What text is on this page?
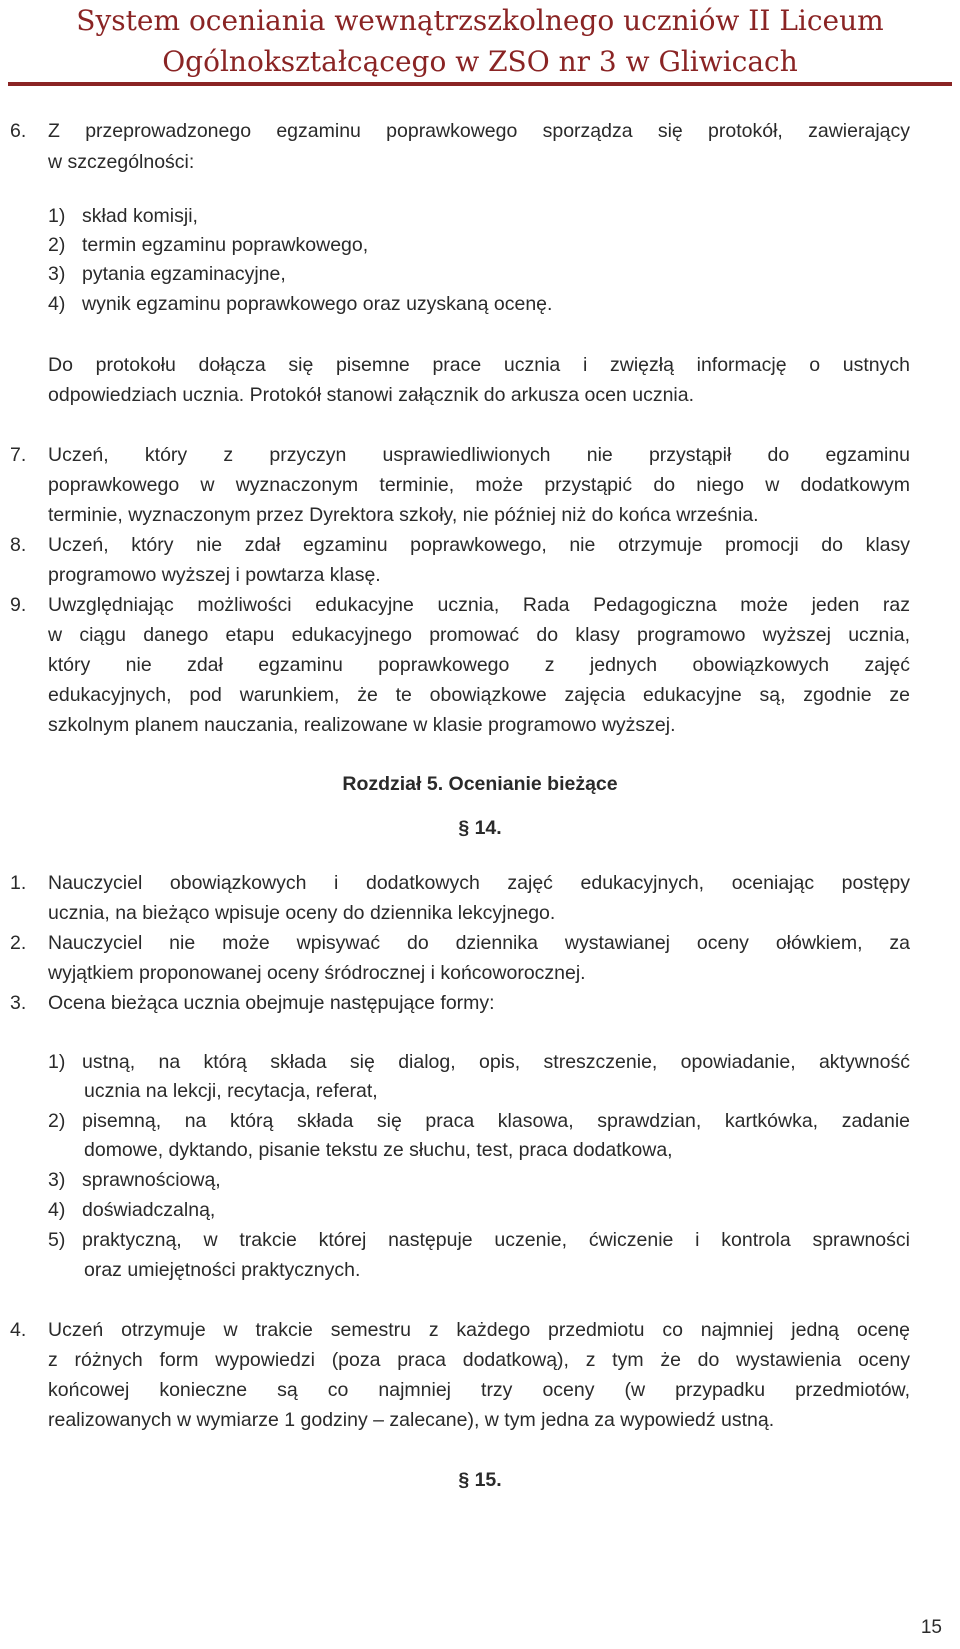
System oceniania wewnątrzszkolnego uczniów II Liceum
Ogólnokształcącego w ZSO nr 3 w Gliwicach
6. Z przeprowadzonego egzaminu poprawkowego sporządza się protokół, zawierający
w szczególności:
1) skład komisji,
2) termin egzaminu poprawkowego,
3) pytania egzaminacyjne,
4) wynik egzaminu poprawkowego oraz uzyskaną ocenę.
Do protokołu dołącza się pisemne prace ucznia i zwięzłą informację o ustnych
odpowiedziach ucznia. Protokół stanowi załącznik do arkusza ocen ucznia.
7. Uczeń, który z przyczyn usprawiedliwionych nie przystąpił do egzaminu
poprawkowego w wyznaczonym terminie, może przystąpić do niego w dodatkowym
terminie, wyznaczonym przez Dyrektora szkoły, nie później niż do końca września.
8. Uczeń, który nie zdał egzaminu poprawkowego, nie otrzymuje promocji do klasy
programowo wyższej i powtarza klasę.
9. Uwzględniając możliwości edukacyjne ucznia, Rada Pedagogiczna może jeden raz
w ciągu danego etapu edukacyjnego promować do klasy programowo wyższej ucznia,
który nie zdał egzaminu poprawkowego z jednych obowiązkowych zajęć
edukacyjnych, pod warunkiem, że te obowiązkowe zajęcia edukacyjne są, zgodnie ze
szkolnym planem nauczania, realizowane w klasie programowo wyższej.
Rozdział 5. Ocenianie bieżące
§ 14.
1. Nauczyciel obowiązkowych i dodatkowych zajęć edukacyjnych, oceniając postępy
ucznia, na bieżąco wpisuje oceny do dziennika lekcyjnego.
2. Nauczyciel nie może wpisywać do dziennika wystawianej oceny ołówkiem, za
wyjątkiem proponowanej oceny śródrocznej i końcoworocznej.
3. Ocena bieżąca ucznia obejmuje następujące formy:
1) ustną, na którą składa się dialog, opis, streszczenie, opowiadanie, aktywność
ucznia na lekcji, recytacja, referat,
2) pisemną, na którą składa się praca klasowa, sprawdzian, kartkówka, zadanie
domowe, dyktando, pisanie tekstu ze słuchu, test, praca dodatkowa,
3) sprawnościową,
4) doświadczalną,
5) praktyczną, w trakcie której następuje uczenie, ćwiczenie i kontrola sprawności
oraz umiejętności praktycznych.
4. Uczeń otrzymuje w trakcie semestru z każdego przedmiotu co najmniej jedną ocenę
z różnych form wypowiedzi (poza praca dodatkową), z tym że do wystawienia oceny
końcowej konieczne są co najmniej trzy oceny (w przypadku przedmiotów,
realizowanych w wymiarze 1 godziny – zalecane), w tym jedna za wypowiedź ustną.
§ 15.
15
